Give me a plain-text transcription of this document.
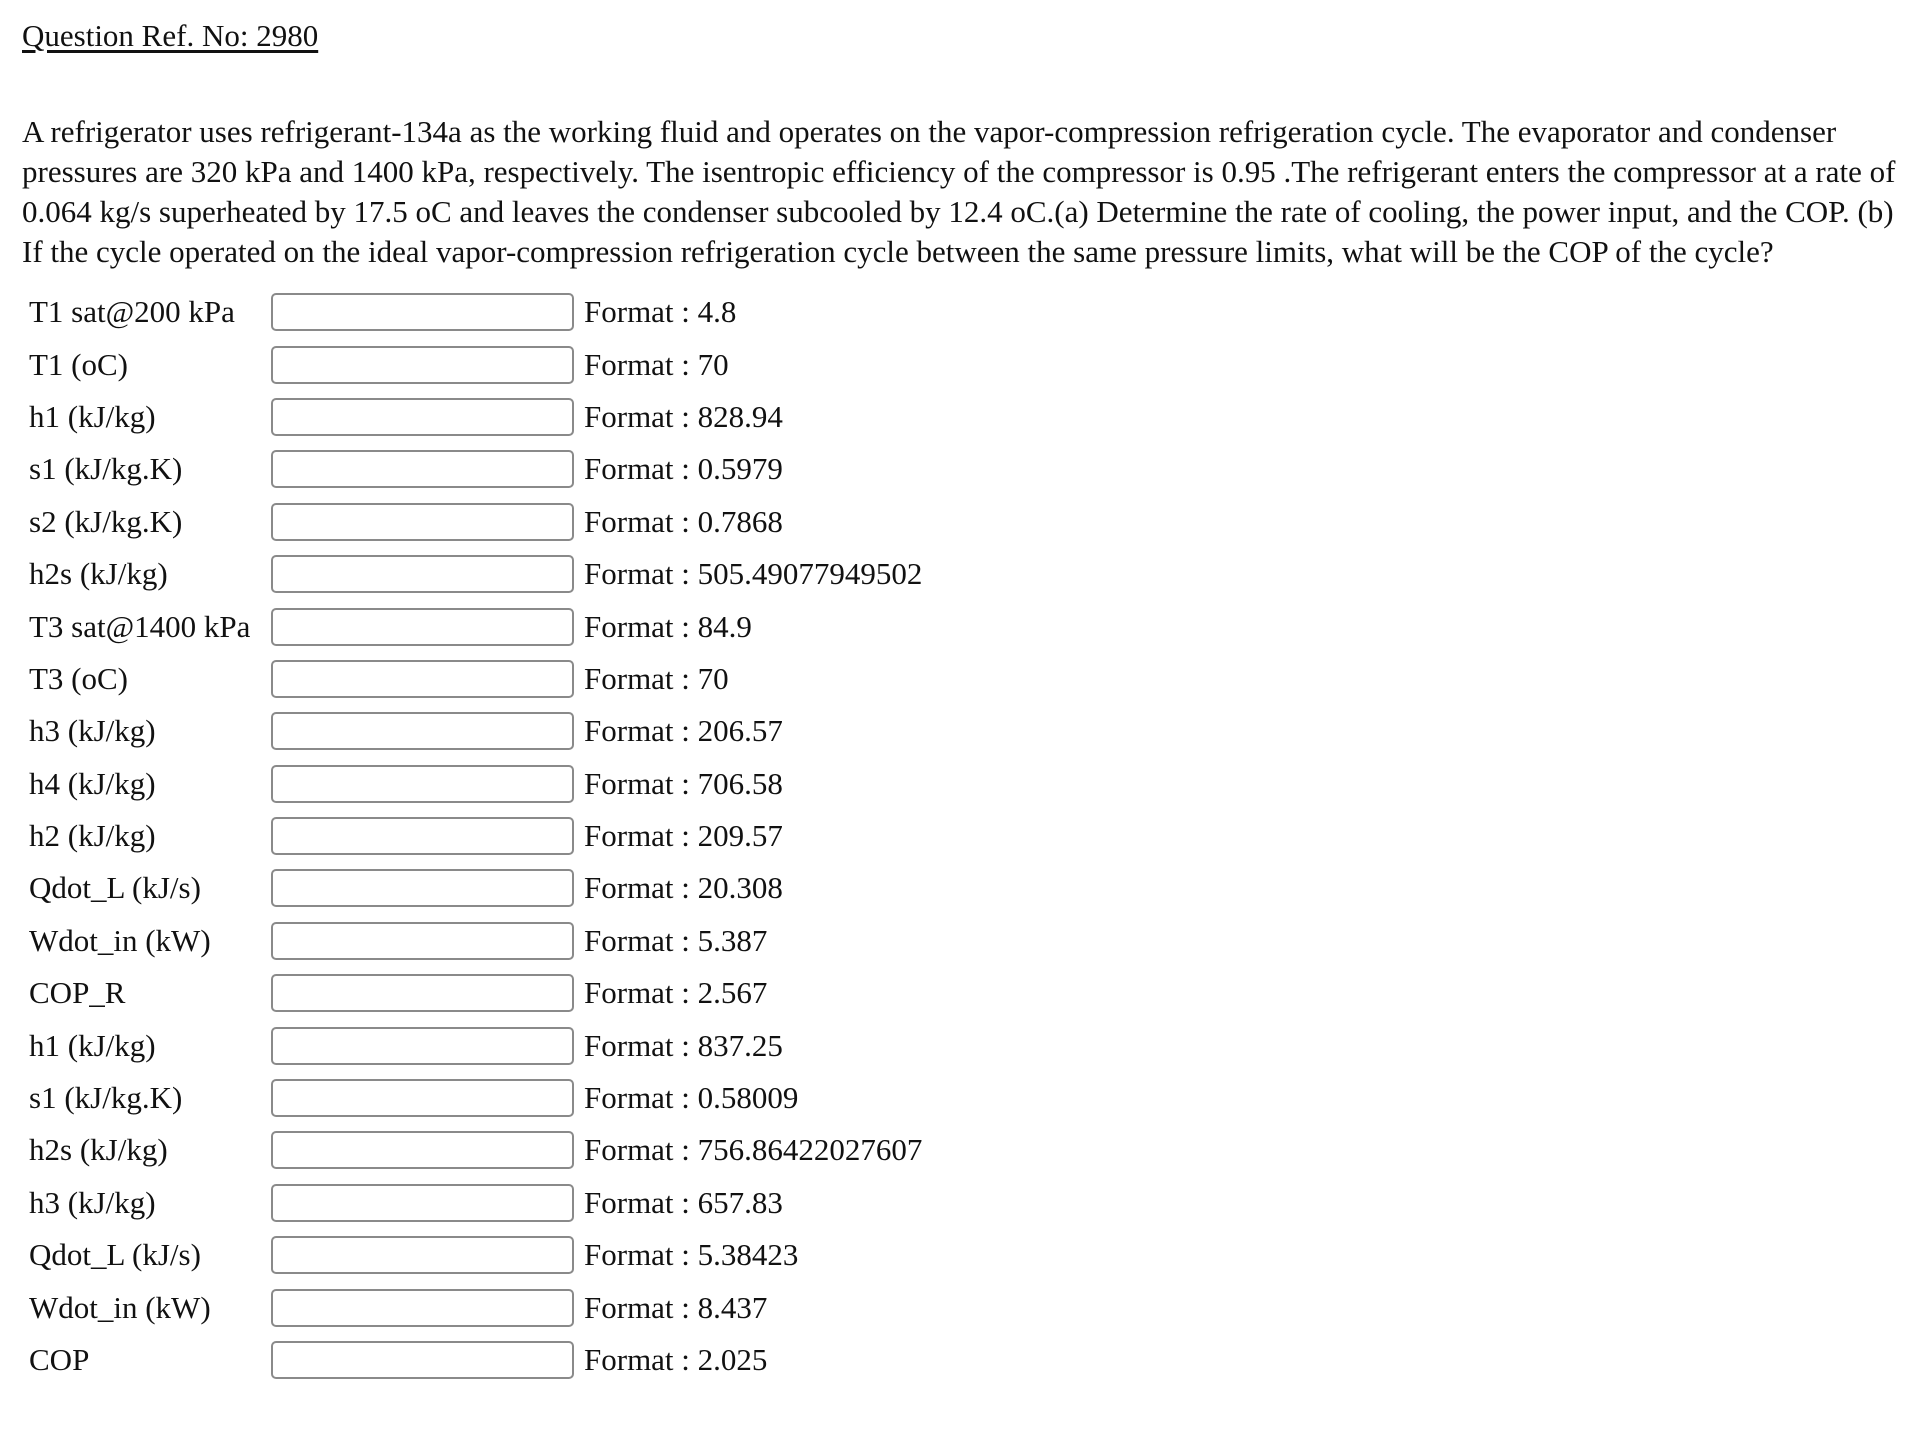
Question Ref. No: 2980

A refrigerator uses refrigerant-134a as the working fluid and operates on the vapor-compression refrigeration cycle. The evaporator and condenser pressures are 320 kPa and 1400 kPa, respectively. The isentropic efficiency of the compressor is 0.95 .The refrigerant enters the compressor at a rate of 0.064 kg/s superheated by 17.5 oC and leaves the condenser subcooled by 12.4 oC.(a) Determine the rate of cooling, the power input, and the COP. (b) If the cycle operated on the ideal vapor-compression refrigeration cycle between the same pressure limits, what will be the COP of the cycle?

T1 sat@200 kPa	Format : 4.8
T1 (oC)	Format : 70
h1 (kJ/kg)	Format : 828.94
s1 (kJ/kg.K)	Format : 0.5979
s2 (kJ/kg.K)	Format : 0.7868
h2s (kJ/kg)	Format : 505.49077949502
T3 sat@1400 kPa	Format : 84.9
T3 (oC)	Format : 70
h3 (kJ/kg)	Format : 206.57
h4 (kJ/kg)	Format : 706.58
h2 (kJ/kg)	Format : 209.57
Qdot_L (kJ/s)	Format : 20.308
Wdot_in (kW)	Format : 5.387
COP_R	Format : 2.567
h1 (kJ/kg)	Format : 837.25
s1 (kJ/kg.K)	Format : 0.58009
h2s (kJ/kg)	Format : 756.86422027607
h3 (kJ/kg)	Format : 657.83
Qdot_L (kJ/s)	Format : 5.38423
Wdot_in (kW)	Format : 8.437
COP	Format : 2.025
